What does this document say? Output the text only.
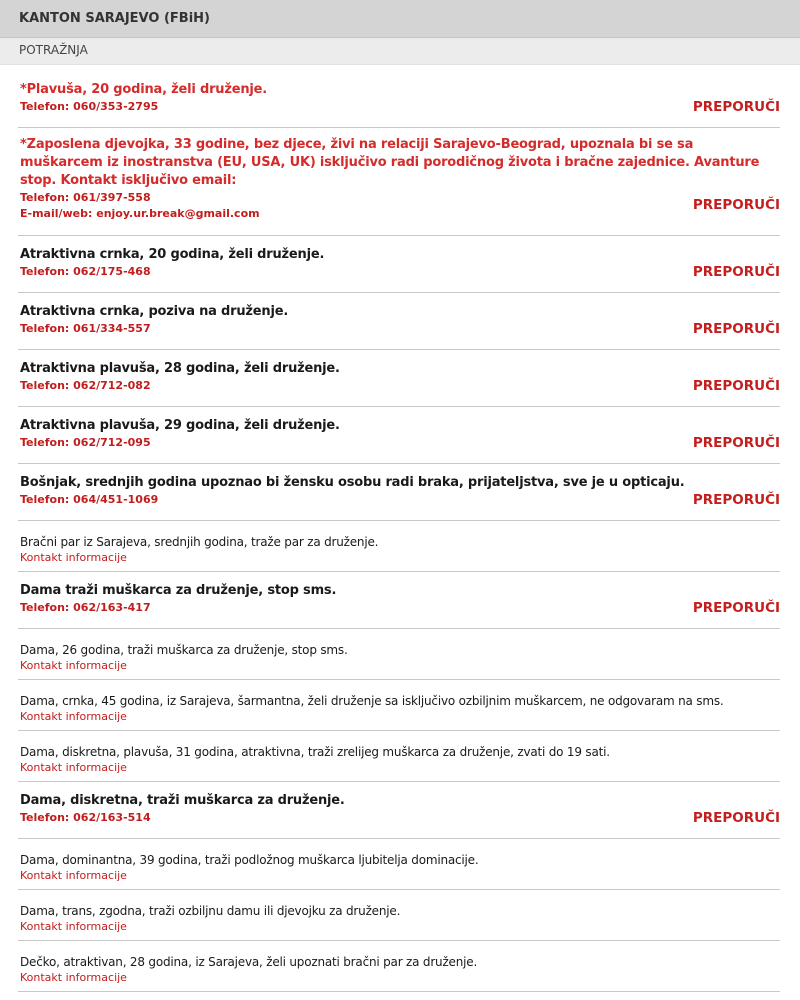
KANTON SARAJEVO (FBiH)
POTRAŽNJA
*Plavuša, 20 godina, želi druženje.
Telefon: 060/353-2795	PREPORUČI
*Zaposlena djevojka, 33 godine, bez djece, živi na relaciji Sarajevo-Beograd, upoznala bi se sa muškarcem iz inostranstva (EU, USA, UK) isključivo radi porodičnog života i bračne zajednice. Avanture stop. Kontakt isključivo email:
Telefon: 061/397-558
E-mail/web: enjoy.ur.break@gmail.com
PREPORUČI
Atraktivna crnka, 20 godina, želi druženje.
Telefon: 062/175-468	PREPORUČI
Atraktivna crnka, poziva na druženje.
Telefon: 061/334-557	PREPORUČI
Atraktivna plavuša, 28 godina, želi druženje.
Telefon: 062/712-082	PREPORUČI
Atraktivna plavuša, 29 godina, želi druženje.
Telefon: 062/712-095	PREPORUČI
Bošnjak, srednjih godina upoznao bi žensku osobu radi braka, prijateljstva, sve je u opticaju.
Telefon: 064/451-1069	PREPORUČI
Bračni par iz Sarajeva, srednjih godina, traže par za druženje.
Kontakt informacije
Dama traži muškarca za druženje, stop sms.
Telefon: 062/163-417	PREPORUČI
Dama, 26 godina, traži muškarca za druženje, stop sms.
Kontakt informacije
Dama, crnka, 45 godina, iz Sarajeva, šarmantna, želi druženje sa isključivo ozbiljnim muškarcem, ne odgovaram na sms.
Kontakt informacije
Dama, diskretna, plavuša, 31 godina, atraktivna, traži zrelijeg muškarca za druženje, zvati do 19 sati.
Kontakt informacije
Dama, diskretna, traži muškarca za druženje.
Telefon: 062/163-514	PREPORUČI
Dama, dominantna, 39 godina, traži podložnog muškarca ljubitelja dominacije.
Kontakt informacije
Dama, trans, zgodna, traži ozbiljnu damu ili djevojku za druženje.
Kontakt informacije
Dečko, atraktivan, 28 godina, iz Sarajeva, želi upoznati bračni par za druženje.
Kontakt informacije
